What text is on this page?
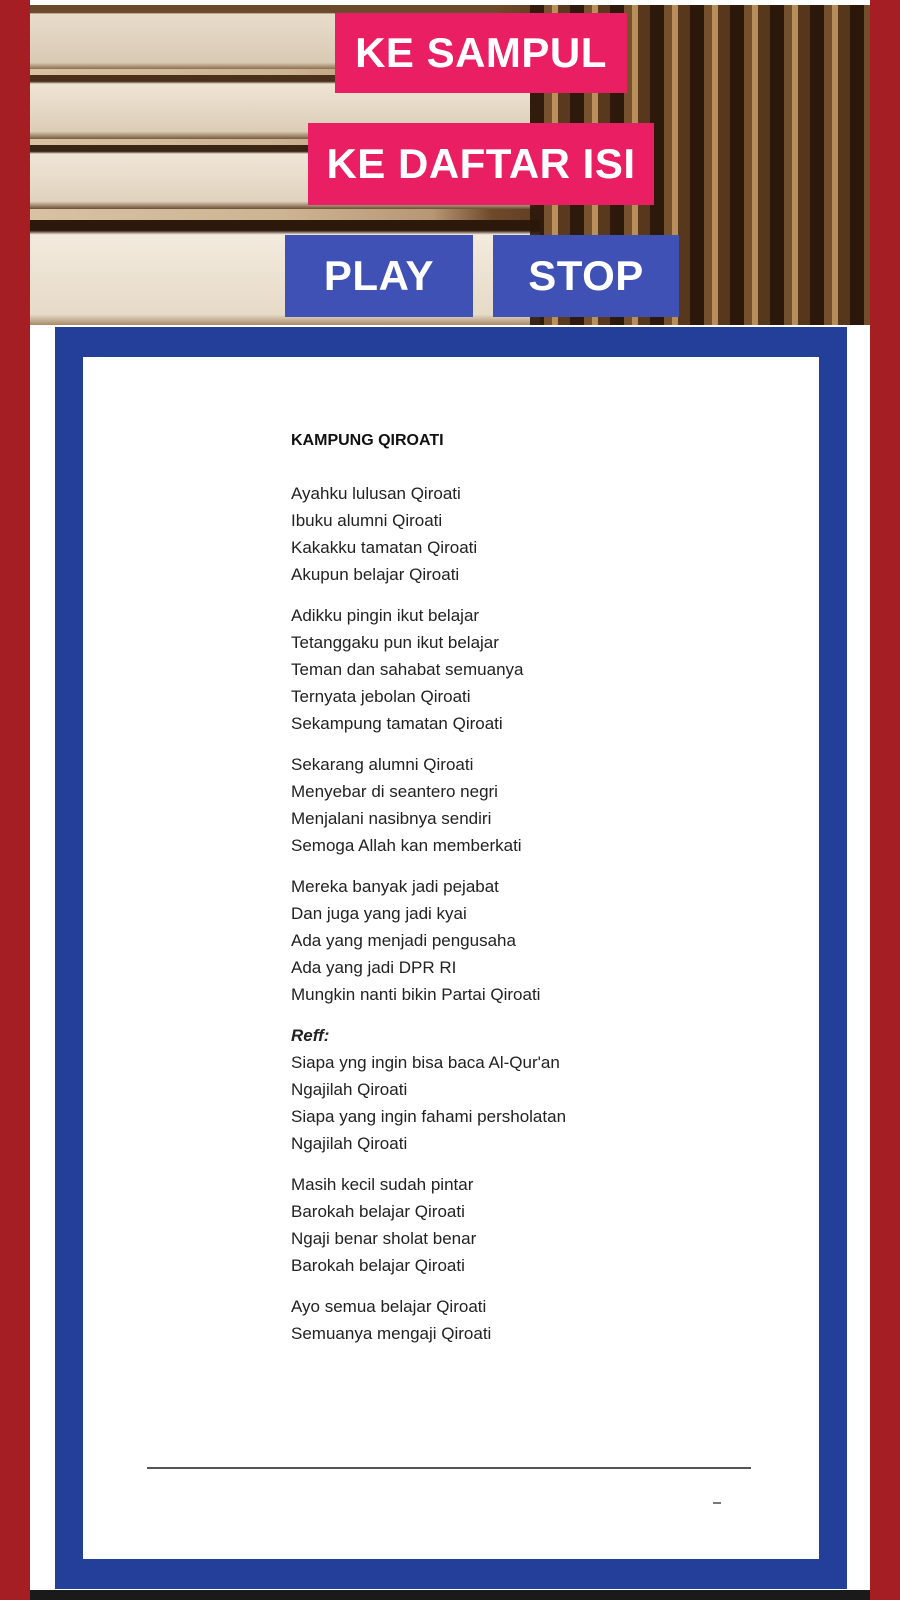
KE SAMPUL
KE DAFTAR ISI
PLAY	STOP
KAMPUNG QIROATI
Ayahku lulusan Qiroati
Ibuku alumni Qiroati
Kakakku tamatan Qiroati
Akupun belajar Qiroati
Adikku pingin ikut belajar
Tetanggaku pun ikut belajar
Teman dan sahabat semuanya
Ternyata jebolan Qiroati
Sekampung tamatan Qiroati
Sekarang alumni Qiroati
Menyebar di seantero negri
Menjalani nasibnya sendiri
Semoga Allah kan memberkati
Mereka banyak jadi pejabat
Dan juga yang jadi kyai
Ada yang menjadi pengusaha
Ada yang jadi DPR RI
Mungkin nanti bikin Partai Qiroati
Reff:
Siapa yng ingin bisa baca Al-Qur'an
Ngajilah Qiroati
Siapa yang ingin fahami persholatan
Ngajilah Qiroati
Masih kecil sudah pintar
Barokah belajar Qiroati
Ngaji benar sholat benar
Barokah belajar Qiroati
Ayo semua belajar Qiroati
Semuanya mengaji Qiroati
